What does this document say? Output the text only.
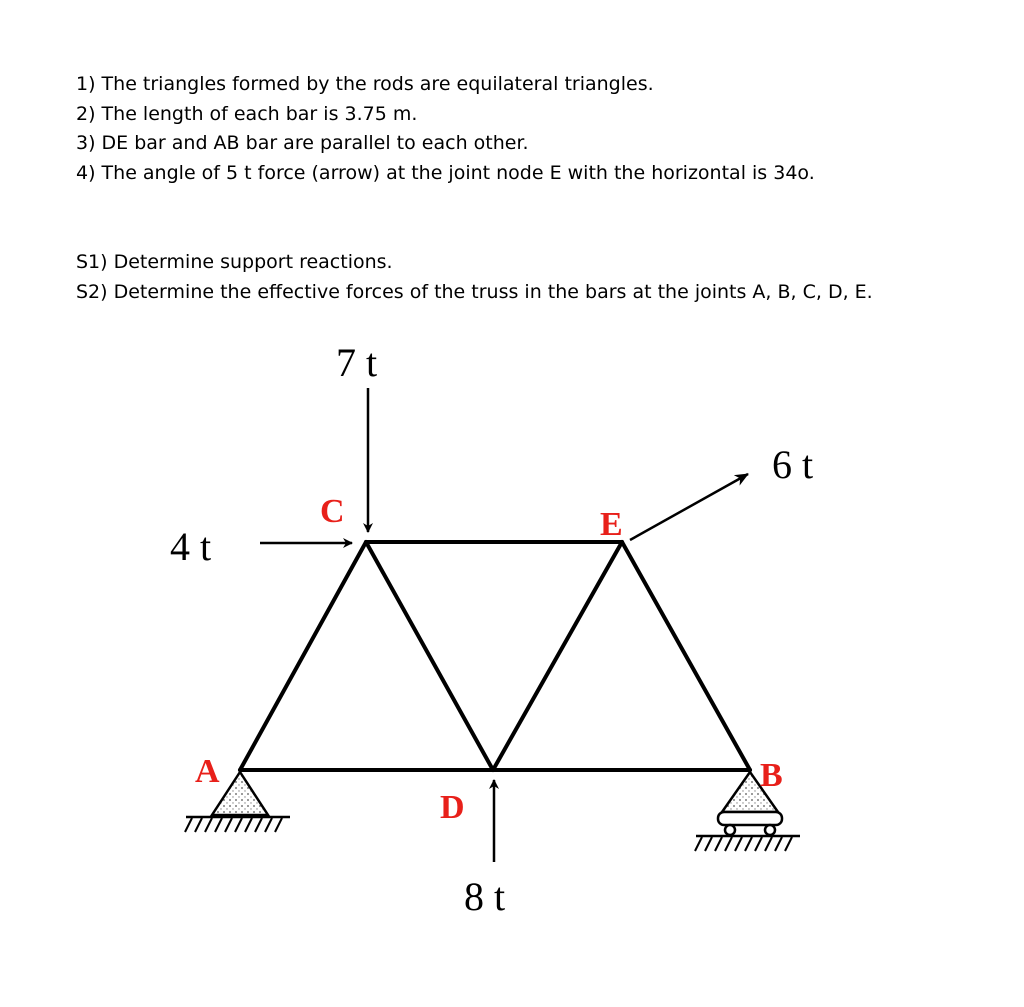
1) The triangles formed by the rods are equilateral triangles.
2) The length of each bar is 3.75 m.
3) DE bar and AB bar are parallel to each other.
4) The angle of 5 t force (arrow) at the joint node E with the horizontal is 34o.
S1) Determine support reactions.
S2) Determine the effective forces of the truss in the bars at the joints A, B, C, D, E.
7 t
4 t
6 t
8 t
C	E
A	B
D
